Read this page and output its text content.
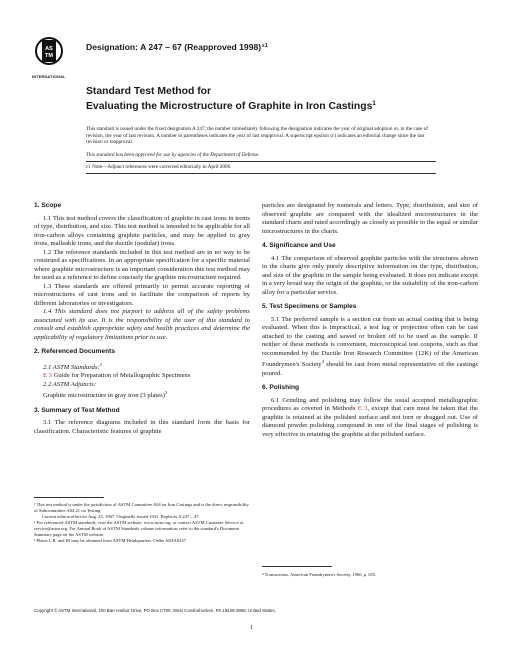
AS
TM
INTERNATIONAL
Designation: A 247 – 67 (Reapproved 1998)$^{\varepsilon 1}$
Standard Test Method for
Evaluating the Microstructure of Graphite in Iron Castings$^1$
This standard is issued under the fixed designation A 247; the number immediately following the designation indicates the year of original adoption or, in the case of revision, the year of last revision. A number in parentheses indicates the year of last reapproval. A superscript epsilon (ε) indicates an editorial change since the last revision or reapproval.
This standard has been approved for use by agencies of the Department of Defense.
ε1 Note—Adjunct references were corrected editorially in April 2006.
1. Scope

1.1 This test method covers the classification of graphite in cast irons in terms of type, distribution, and size. This test method is intended to be applicable for all iron-carbon alloys containing graphite particles, and may be applied to gray irons, malleable irons, and the ductile (nodular) irons.

1.2 The reference standards included in this test method are in no way to be construed as specifications. In an appropriate specification for a specific material where graphite microstructure is an important consideration this test method may be used as a reference to define concisely the graphite microstructure required.

1.3 These standards are offered primarily to permit accurate reporting of microstructures of cast irons and to facilitate the comparison of reports by different laboratories or investigators.

1.4 This standard does not purport to address all of the safety problems associated with its use. It is the responsibility of the user of this standard to consult and establish appropriate safety and health practices and determine the applicability of regulatory limitations prior to use.

2. Referenced Documents

2.1 ASTM Standards:$^2$

E 3 Guide for Preparation of Metallographic Specimens

2.2 ASTM Adjuncts:

Graphite microstructure in gray iron (3 plates)$^3$

3. Summary of Test Method

3.1 The reference diagrams included in this standard form the basis for classification. Characteristic features of graphite

particles are designated by numerals and letters. Type, distribution, and size of observed graphite are compared with the idealized microstructures in the standard charts and rated accordingly as closely as possible to the equal or similar microstructures in the charts.

4. Significance and Use

4.1 The comparison of observed graphite particles with the structures shown in the charts give only purely descriptive information on the type, distribution, and size of the graphite in the sample being evaluated. It does not indicate except in a very broad way the origin of the graphite, or the suitability of the iron-carbon alloy for a particular service.

5. Test Specimens or Samples

5.1 The preferred sample is a section cut from an actual casting that is being evaluated. When this is impractical, a test lug or projection often can be cast attached to the casting and sawed or broken off to be used as the sample. If neither of these methods is convenient, microscopical test coupons, such as that recommended by the Ductile Iron Research Committee (12K) of the American Foundrymen's Society$^4$ should be cast from metal representative of the castings poured.

6. Polishing

6.1 Grinding and polishing may follow the usual accepted metallographic procedures as covered in Methods E 3, except that care must be taken that the graphite is retained at the polished surface and not torn or dragged out. Use of diamond powder polishing compound in one of the final stages of polishing is very effective in retaining the graphite at the polished surface.

¹ This test method is under the jurisdiction of ASTM Committee A04 on Iron Castings and is the direct responsibility of Subcommittee A04.21 on Testing.
Current edition effective Aug. 25, 1967. Originally issued 1941. Replaces A 247 – 47.
² For referenced ASTM standards, visit the ASTM website, www.astm.org, or contact ASTM Customer Service at service@astm.org. For Annual Book of ASTM Standards volume information, refer to the standard's Document Summary page on the ASTM website.
³ Plates I, II, and III may be obtained from ASTM Headquarters. Order ADJA0247.
⁴ Transactions, American Foundrymen's Society, 1960, p. 655.
Copyright © ASTM International, 100 Barr Harbor Drive, PO Box C700, West Conshohocken, PA 19428-2959, United States.
1
